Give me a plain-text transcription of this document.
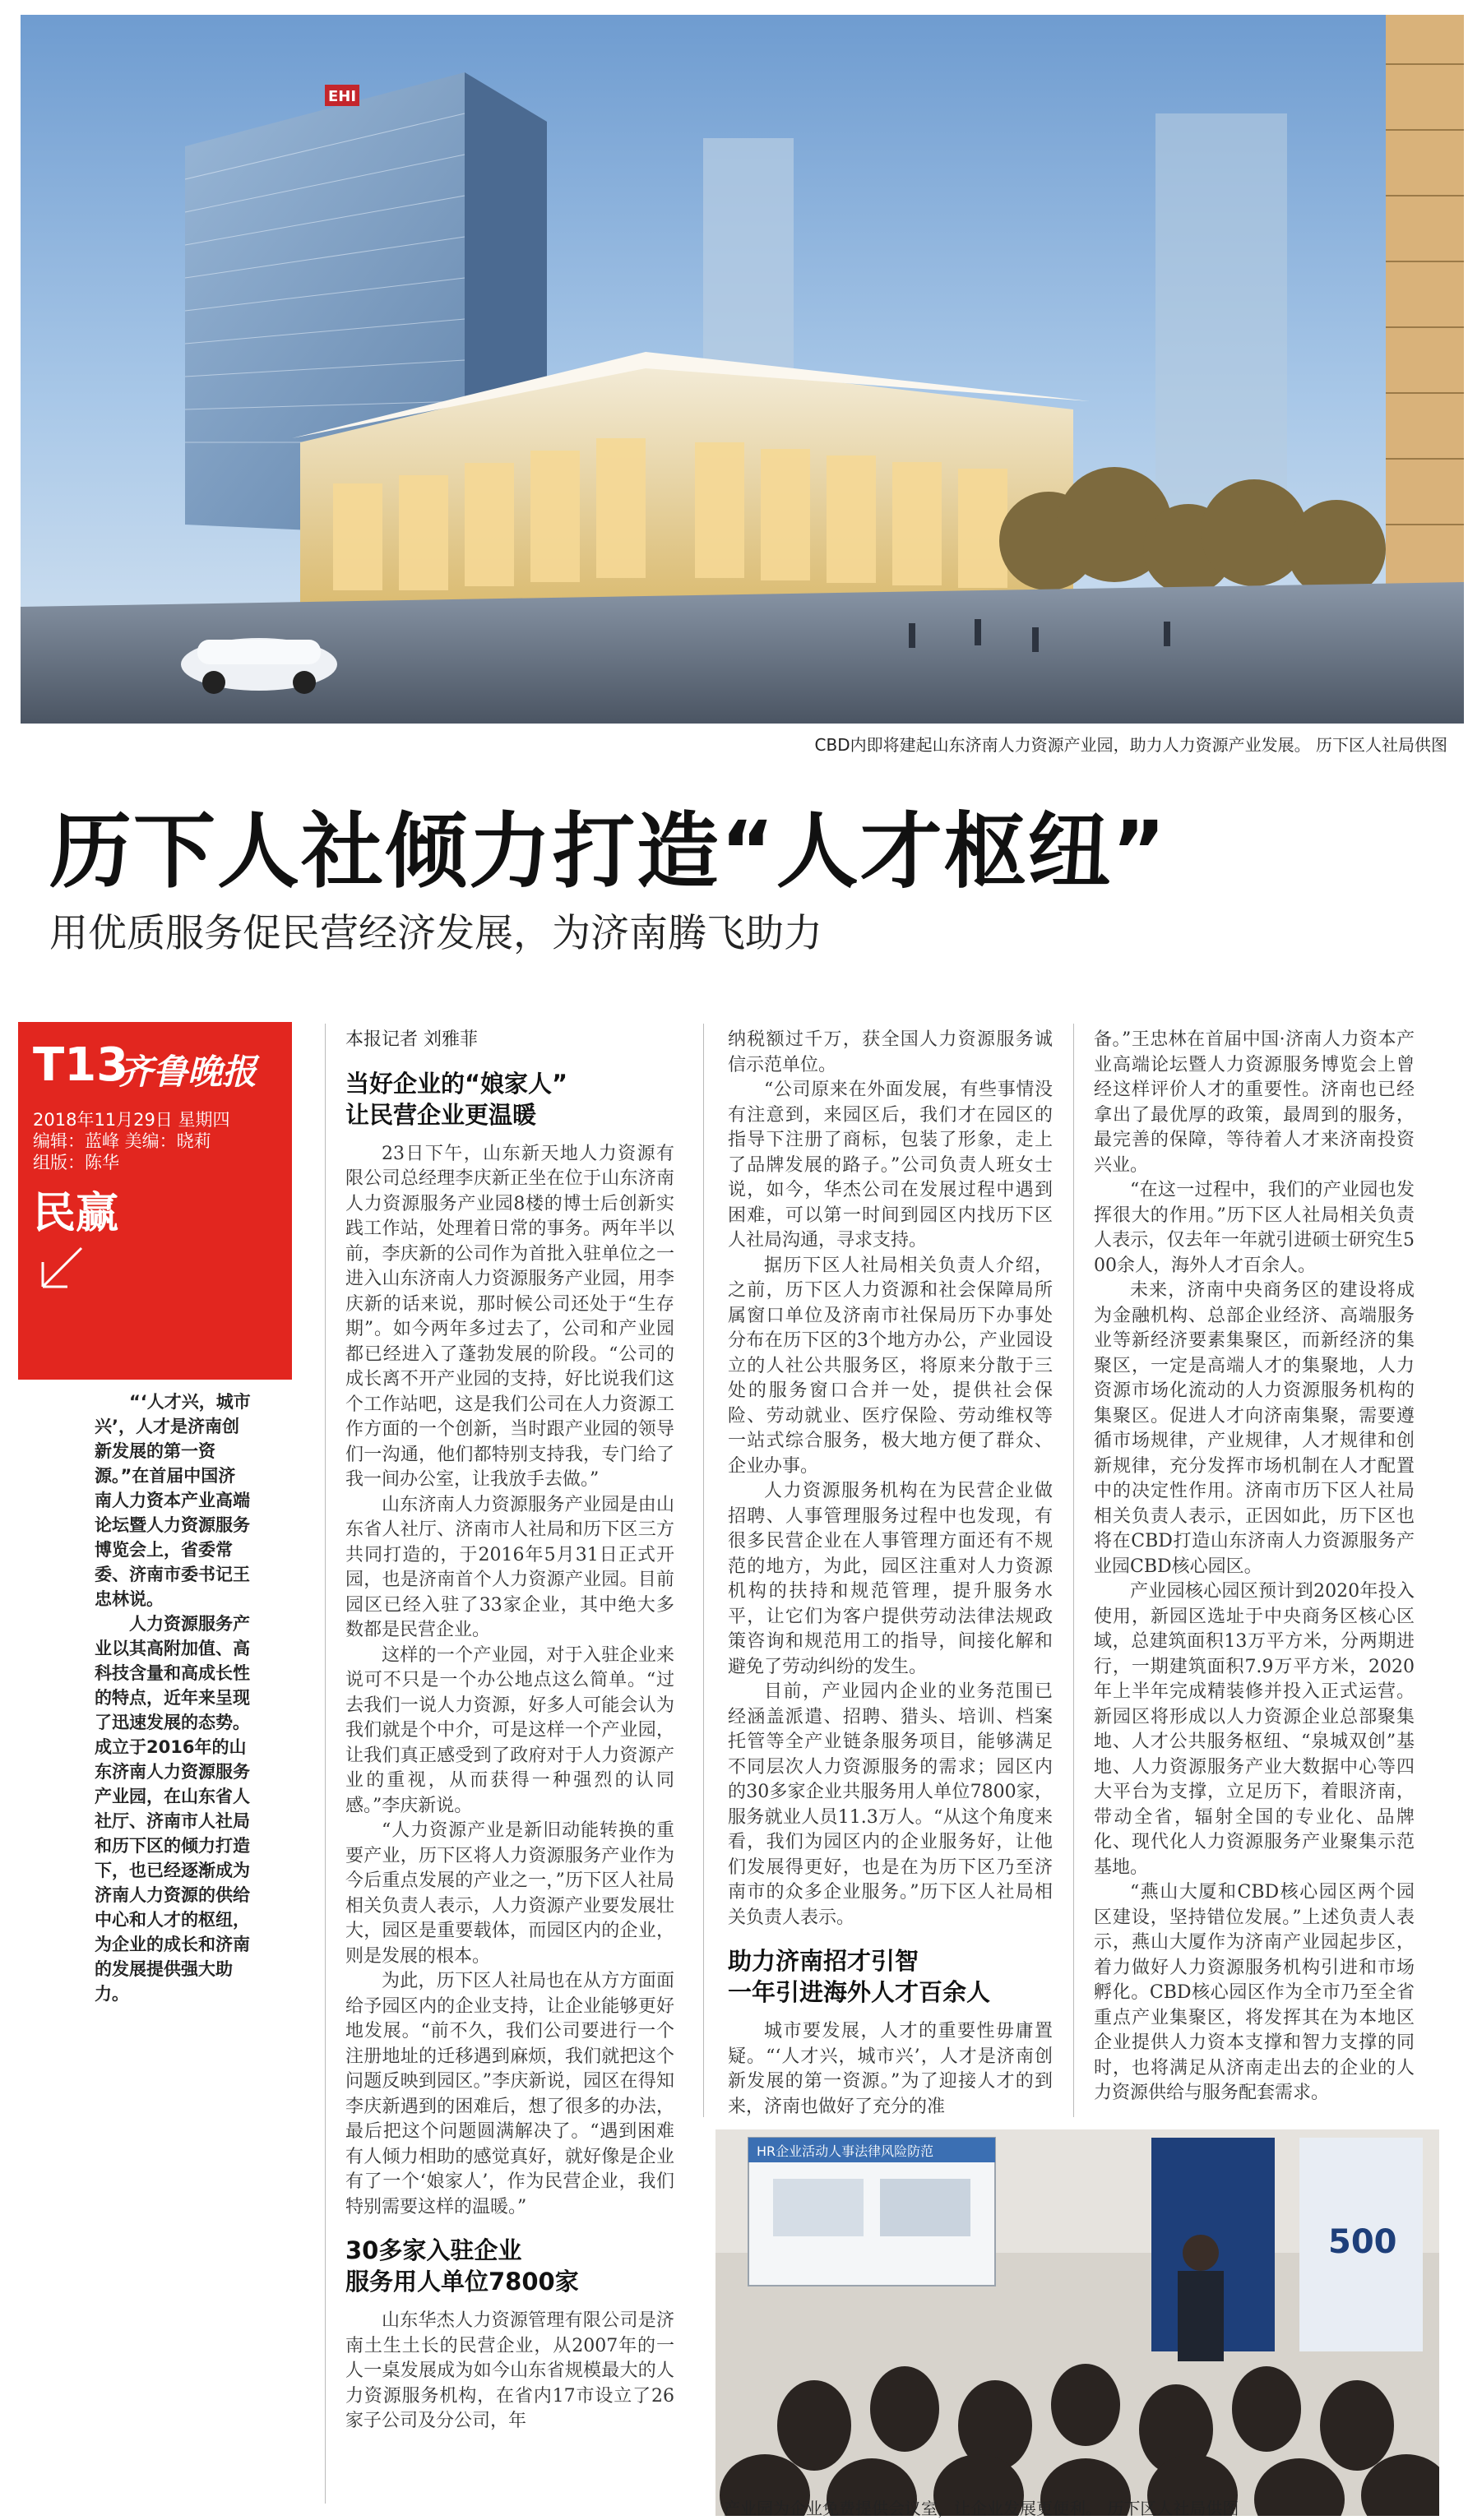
EHI
CBD内即将建起山东济南人力资源产业园，助力人力资源产业发展。 历下区人社局供图
历下人社倾力打造“人才枢纽”
用优质服务促民营经济发展，为济南腾飞助力
T13
齐鲁晚报
2018年11月29日 星期四
编辑：蓝峰 美编：晓莉
组版：陈华
民赢

“‘人才兴，城市兴’，人才是济南创新发展的第一资源。”在首届中国济南人力资本产业高端论坛暨人力资源服务博览会上，省委常委、济南市委书记王忠林说。

人力资源服务产业以其高附加值、高科技含量和高成长性的特点，近年来呈现了迅速发展的态势。成立于2016年的山东济南人力资源服务产业园，在山东省人社厅、济南市人社局和历下区的倾力打造下，也已经逐渐成为济南人力资源的供给中心和人才的枢纽，为企业的成长和济南的发展提供强大助力。

本报记者 刘雅菲
当好企业的“娘家人”
让民营企业更温暖

23日下午，山东新天地人力资源有限公司总经理李庆新正坐在位于山东济南人力资源服务产业园8楼的博士后创新实践工作站，处理着日常的事务。两年半以前，李庆新的公司作为首批入驻单位之一进入山东济南人力资源服务产业园，用李庆新的话来说，那时候公司还处于“生存期”。如今两年多过去了，公司和产业园都已经进入了蓬勃发展的阶段。“公司的成长离不开产业园的支持，好比说我们这个工作站吧，这是我们公司在人力资源工作方面的一个创新，当时跟产业园的领导们一沟通，他们都特别支持我，专门给了我一间办公室，让我放手去做。”

山东济南人力资源服务产业园是由山东省人社厅、济南市人社局和历下区三方共同打造的，于2016年5月31日正式开园，也是济南首个人力资源产业园。目前园区已经入驻了33家企业，其中绝大多数都是民营企业。

这样的一个产业园，对于入驻企业来说可不只是一个办公地点这么简单。“过去我们一说人力资源，好多人可能会认为我们就是个中介，可是这样一个产业园，让我们真正感受到了政府对于人力资源产业的重视，从而获得一种强烈的认同感。”李庆新说。

“人力资源产业是新旧动能转换的重要产业，历下区将人力资源服务产业作为今后重点发展的产业之一，”历下区人社局相关负责人表示，人力资源产业要发展壮大，园区是重要载体，而园区内的企业，则是发展的根本。

为此，历下区人社局也在从方方面面给予园区内的企业支持，让企业能够更好地发展。“前不久，我们公司要进行一个注册地址的迁移遇到麻烦，我们就把这个问题反映到园区。”李庆新说，园区在得知李庆新遇到的困难后，想了很多的办法，最后把这个问题圆满解决了。“遇到困难有人倾力相助的感觉真好，就好像是企业有了一个‘娘家人’，作为民营企业，我们特别需要这样的温暖。”

30多家入驻企业
服务用人单位7800家

山东华杰人力资源管理有限公司是济南土生土长的民营企业，从2007年的一人一桌发展成为如今山东省规模最大的人力资源服务机构，在省内17市设立了26家子公司及分公司，年

纳税额过千万，获全国人力资源服务诚信示范单位。

“公司原来在外面发展，有些事情没有注意到，来园区后，我们才在园区的指导下注册了商标，包装了形象，走上了品牌发展的路子。”公司负责人班女士说，如今，华杰公司在发展过程中遇到困难，可以第一时间到园区内找历下区人社局沟通，寻求支持。

据历下区人社局相关负责人介绍，之前，历下区人力资源和社会保障局所属窗口单位及济南市社保局历下办事处分布在历下区的3个地方办公，产业园设立的人社公共服务区，将原来分散于三处的服务窗口合并一处，提供社会保险、劳动就业、医疗保险、劳动维权等一站式综合服务，极大地方便了群众、企业办事。

人力资源服务机构在为民营企业做招聘、人事管理服务过程中也发现，有很多民营企业在人事管理方面还有不规范的地方，为此，园区注重对人力资源机构的扶持和规范管理，提升服务水平，让它们为客户提供劳动法律法规政策咨询和规范用工的指导，间接化解和避免了劳动纠纷的发生。

目前，产业园内企业的业务范围已经涵盖派遣、招聘、猎头、培训、档案托管等全产业链条服务项目，能够满足不同层次人力资源服务的需求；园区内的30多家企业共服务用人单位7800家，服务就业人员11.3万人。“从这个角度来看，我们为园区内的企业服务好，让他们发展得更好，也是在为历下区乃至济南市的众多企业服务。”历下区人社局相关负责人表示。

助力济南招才引智
一年引进海外人才百余人

城市要发展，人才的重要性毋庸置疑。“‘人才兴，城市兴’，人才是济南创新发展的第一资源。”为了迎接人才的到来，济南也做好了充分的准

备。”王忠林在首届中国·济南人力资本产业高端论坛暨人力资源服务博览会上曾经这样评价人才的重要性。济南也已经拿出了最优厚的政策，最周到的服务，最完善的保障，等待着人才来济南投资兴业。

“在这一过程中，我们的产业园也发挥很大的作用。”历下区人社局相关负责人表示，仅去年一年就引进硕士研究生500余人，海外人才百余人。

未来，济南中央商务区的建设将成为金融机构、总部企业经济、高端服务业等新经济要素集聚区，而新经济的集聚区，一定是高端人才的集聚地，人力资源市场化流动的人力资源服务机构的集聚区。促进人才向济南集聚，需要遵循市场规律，产业规律，人才规律和创新规律，充分发挥市场机制在人才配置中的决定性作用。济南市历下区人社局相关负责人表示，正因如此，历下区也将在CBD打造山东济南人力资源服务产业园CBD核心园区。

产业园核心园区预计到2020年投入使用，新园区选址于中央商务区核心区域，总建筑面积13万平方米，分两期进行，一期建筑面积7.9万平方米，2020年上半年完成精装修并投入正式运营。新园区将形成以人力资源企业总部聚集地、人才公共服务枢纽、“泉城双创”基地、人力资源服务产业大数据中心等四大平台为支撑，立足历下，着眼济南，带动全省，辐射全国的专业化、品牌化、现代化人力资源服务产业聚集示范基地。

“燕山大厦和CBD核心园区两个园区建设，坚持错位发展。”上述负责人表示，燕山大厦作为济南产业园起步区，着力做好人力资源服务机构引进和市场孵化。CBD核心园区作为全市乃至全省重点产业集聚区，将发挥其在为本地区企业提供人力资本支撑和智力支撑的同时，也将满足从济南走出去的企业的人力资源供给与服务配套需求。

HR企业活动人事法律风险防范
500
产业园为企业免费提供会议室，让企业发展更便利。 历下区人社局供图
